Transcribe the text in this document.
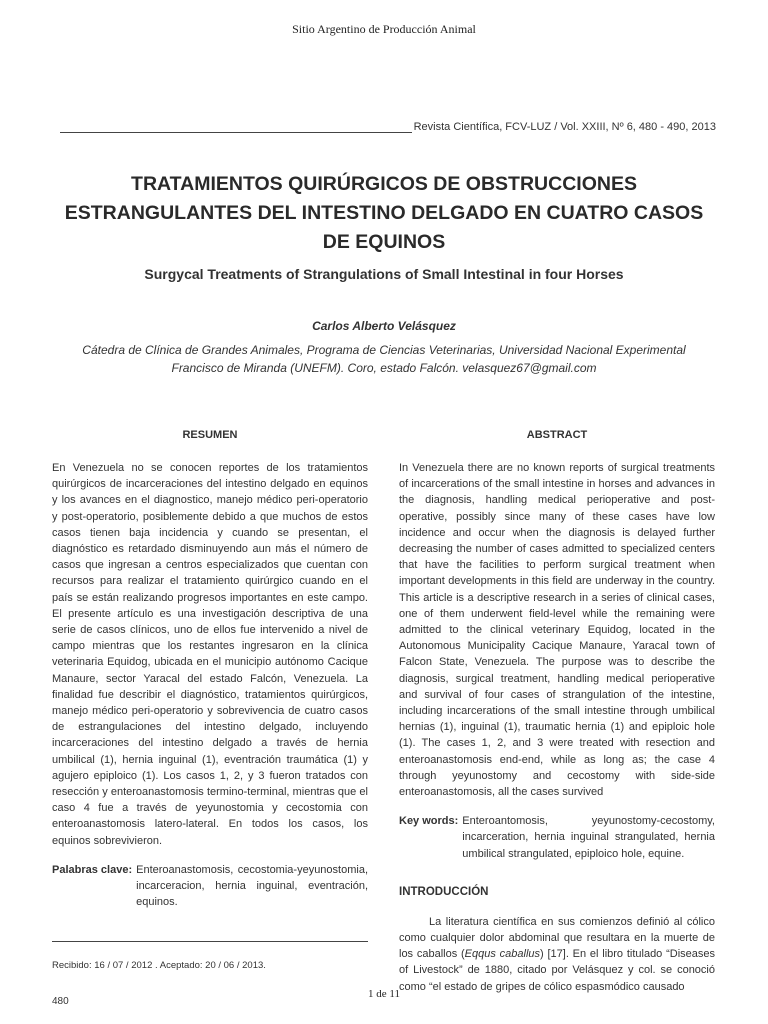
Sitio Argentino de Producción Animal
Revista Científica, FCV-LUZ / Vol. XXIII, Nº 6, 480 - 490, 2013
TRATAMIENTOS QUIRÚRGICOS DE OBSTRUCCIONES ESTRANGULANTES DEL INTESTINO DELGADO EN CUATRO CASOS DE EQUINOS
Surgycal Treatments of Strangulations of Small Intestinal in four Horses
Carlos Alberto Velásquez
Cátedra de Clínica de Grandes Animales, Programa de Ciencias Veterinarias, Universidad Nacional Experimental
Francisco de Miranda (UNEFM). Coro, estado Falcón. velasquez67@gmail.com
RESUMEN

En Venezuela no se conocen reportes de los tratamientos quirúrgicos de incarceraciones del intestino delgado en equinos y los avances en el diagnostico, manejo médico peri-operatorio y post-operatorio, posiblemente debido a que muchos de estos casos tienen baja incidencia y cuando se presentan, el diagnóstico es retardado disminuyendo aun más el número de casos que ingresan a centros especializados que cuentan con recursos para realizar el tratamiento quirúrgico cuando en el país se están realizando progresos importantes en este campo. El presente artículo es una investigación descriptiva de una serie de casos clínicos, uno de ellos fue intervenido a nivel de campo mientras que los restantes ingresaron en la clínica veterinaria Equidog, ubicada en el municipio autónomo Cacique Manaure, sector Yaracal del estado Falcón, Venezuela. La finalidad fue describir el diagnóstico, tratamientos quirúrgicos, manejo médico peri-operatorio y sobrevivencia de cuatro casos de estrangulaciones del intestino delgado, incluyendo incarceraciones del intestino delgado a través de hernia umbilical (1), hernia inguinal (1), eventración traumática (1) y agujero epiploico (1). Los casos 1, 2, y 3 fueron tratados con resección y enteroanastomosis termino-terminal, mientras que el caso 4 fue a través de yeyunostomia y cecostomia con enteroanastomosis latero-lateral. En todos los casos, los equinos sobrevivieron.

Palabras clave: Enteroanastomosis, cecostomia-yeyunostomia, incarceracion, hernia inguinal, eventración, equinos.
Recibido: 16 / 07 / 2012 . Aceptado: 20 / 06 / 2013.
480
1 de 11
ABSTRACT

In Venezuela there are no known reports of surgical treatments of incarcerations of the small intestine in horses and advances in the diagnosis, handling medical perioperative and post-operative, possibly since many of these cases have low incidence and occur when the diagnosis is delayed further decreasing the number of cases admitted to specialized centers that have the facilities to perform surgical treatment when important developments in this field are underway in the country. This article is a descriptive research in a series of clinical cases, one of them underwent field-level while the remaining were admitted to the clinical veterinary Equidog, located in the Autonomous Municipality Cacique Manaure, Yaracal town of Falcon State, Venezuela. The purpose was to describe the diagnosis, surgical treatment, handling medical perioperative and survival of four cases of strangulation of the intestine, including incarcerations of the small intestine through umbilical hernias (1), inguinal (1), traumatic hernia (1) and epiploic hole (1). The cases 1, 2, and 3 were treated with resection and enteroanastomosis end-end, while as long as; the case 4 through yeyunostomy and cecostomy with side-side enteroanastomosis, all the cases survived

Key words: Enteroantomosis, yeyunostomy-cecostomy, incarceration, hernia inguinal strangulated, hernia umbilical strangulated, epiploico hole, equine.
INTRODUCCIÓN

La literatura científica en sus comienzos definió al cólico como cualquier dolor abdominal que resultara en la muerte de los caballos (Eqqus caballus) [17]. En el libro titulado “Diseases of Livestock” de 1880, citado por Velásquez y col. se conoció como “el estado de gripes de cólico espasmódico causado
